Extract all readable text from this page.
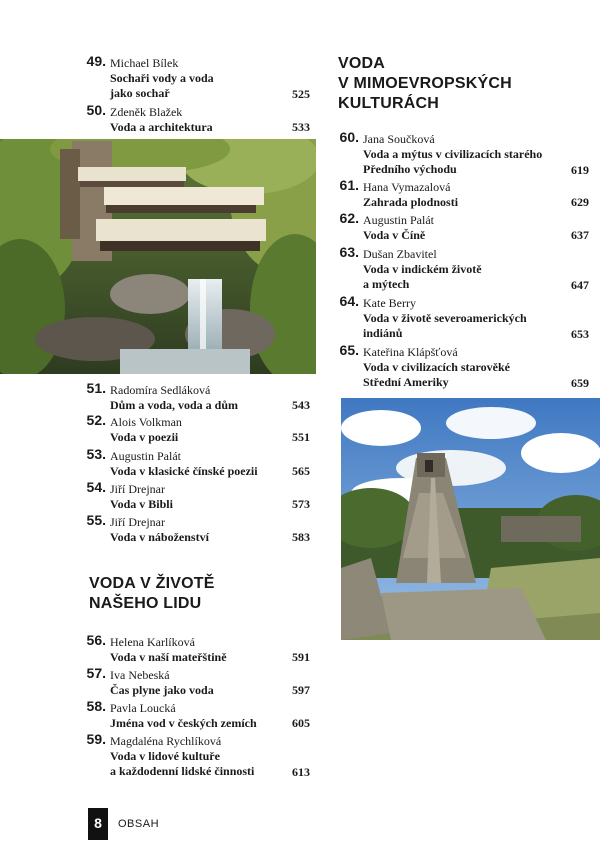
49. Michael Bílek
Sochaři vody a voda
jako sochař	525
50. Zdeněk Blažek
Voda a architektura	533
51. Radomíra Sedláková
Dům a voda, voda a dům	543
52. Alois Volkman
Voda v poezii	551
53. Augustin Palát
Voda v klasické čínské poezii	565
54. Jiří Drejnar
Voda v Bibli	573
55. Jiří Drejnar
Voda v náboženství	583
VODA V ŽIVOTĚ
NAŠEHO LIDU
56. Helena Karlíková
Voda v naší mateřštině	591
57. Iva Nebeská
Čas plyne jako voda	597
58. Pavla Loucká
Jména vod v českých zemích	605
59. Magdaléna Rychlíková
Voda v lidové kultuře
a každodenní lidské činnosti	613
VODA
V MIMOEVROPSKÝCH
KULTURÁCH
60. Jana Součková
Voda a mýtus v civilizacích starého
Předního východu	619
61. Hana Vymazalová
Zahrada plodnosti	629
62. Augustin Palát
Voda v Číně	637
63. Dušan Zbavitel
Voda v indickém životě
a mýtech	647
64. Kate Berry
Voda v životě severoamerických
indiánů	653
65. Kateřina Klápšťová
Voda v civilizacích starověké
Střední Ameriky	659
8	OBSAH
